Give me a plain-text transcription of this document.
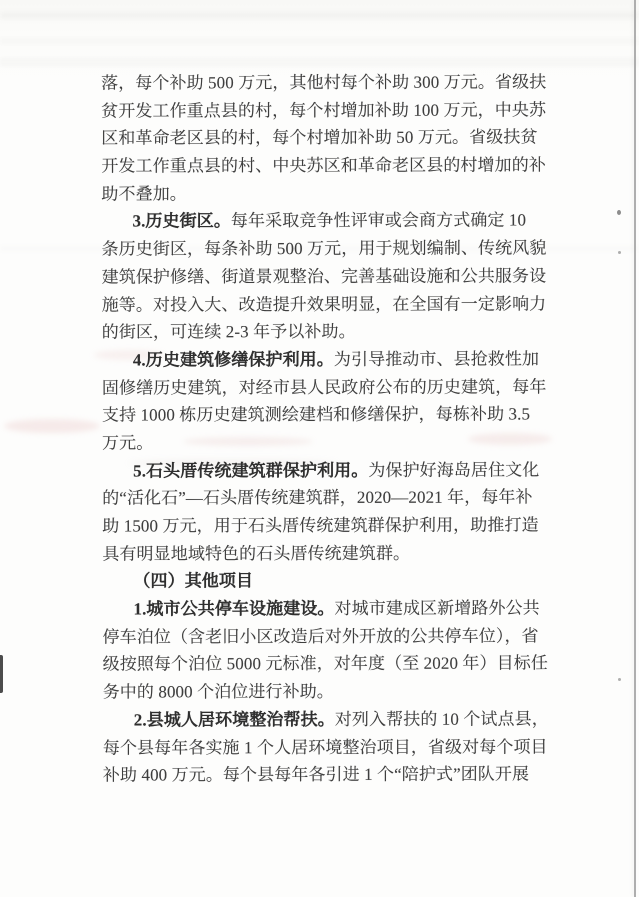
落，每个补助 500 万元，其他村每个补助 300 万元。省级扶
贫开发工作重点县的村，每个村增加补助 100 万元，中央苏
区和革命老区县的村，每个村增加补助 50 万元。省级扶贫
开发工作重点县的村、中央苏区和革命老区县的村增加的补
助不叠加。
3.历史街区。每年采取竞争性评审或会商方式确定 10
条历史街区，每条补助 500 万元，用于规划编制、传统风貌
建筑保护修缮、街道景观整治、完善基础设施和公共服务设
施等。对投入大、改造提升效果明显，在全国有一定影响力
的街区，可连续 2-3 年予以补助。
4.历史建筑修缮保护利用。为引导推动市、县抢救性加
固修缮历史建筑，对经市县人民政府公布的历史建筑，每年
支持 1000 栋历史建筑测绘建档和修缮保护，每栋补助 3.5
万元。
5.石头厝传统建筑群保护利用。为保护好海岛居住文化
的“活化石”—石头厝传统建筑群，2020—2021 年，每年补
助 1500 万元，用于石头厝传统建筑群保护利用，助推打造
具有明显地域特色的石头厝传统建筑群。
（四）其他项目
1.城市公共停车设施建设。对城市建成区新增路外公共
停车泊位（含老旧小区改造后对外开放的公共停车位），省
级按照每个泊位 5000 元标准，对年度（至 2020 年）目标任
务中的 8000 个泊位进行补助。
2.县城人居环境整治帮扶。对列入帮扶的 10 个试点县，
每个县每年各实施 1 个人居环境整治项目，省级对每个项目
补助 400 万元。每个县每年各引进 1 个“陪护式”团队开展
